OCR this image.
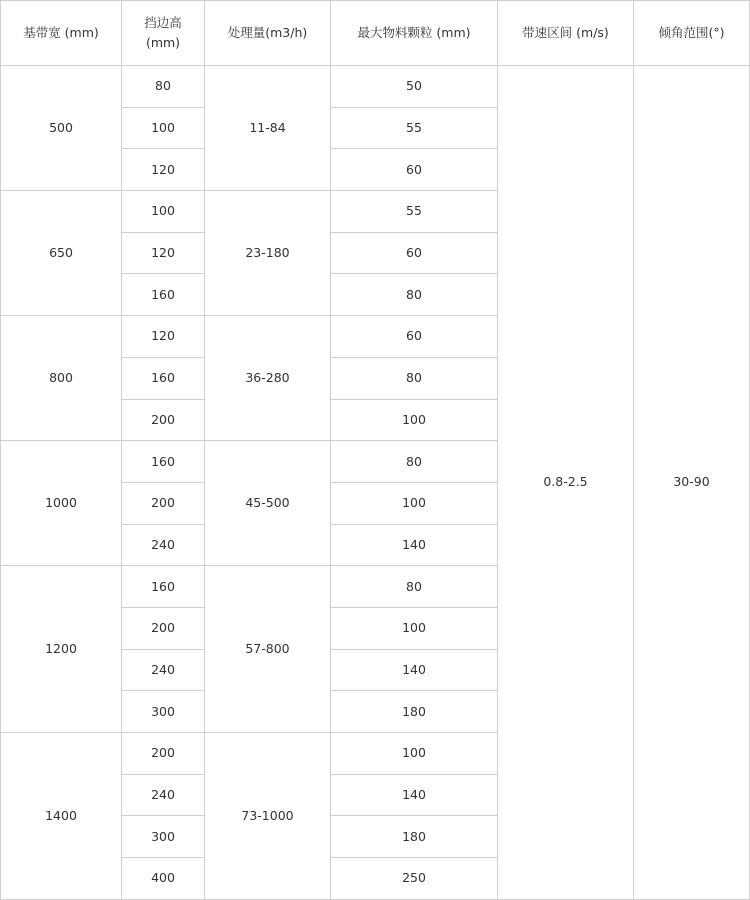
基带宽 (mm)	挡边高
(mm)	处理量(m3/h)	最大物料颗粒 (mm)	带速区间 (m/s)	倾角范围(°)
500	80	11-84	50	0.8-2.5	30-90
	100		55		
	120		60		
650	100	23-180	55		
	120		60		
	160		80		
800	120	36-280	60		
	160		80		
	200		100		
1000	160	45-500	80		
	200		100		
	240		140		
1200	160	57-800	80		
	200		100		
	240		140		
	300		180		
1400	200	73-1000	100		
	240		140		
	300		180		
	400		250		
